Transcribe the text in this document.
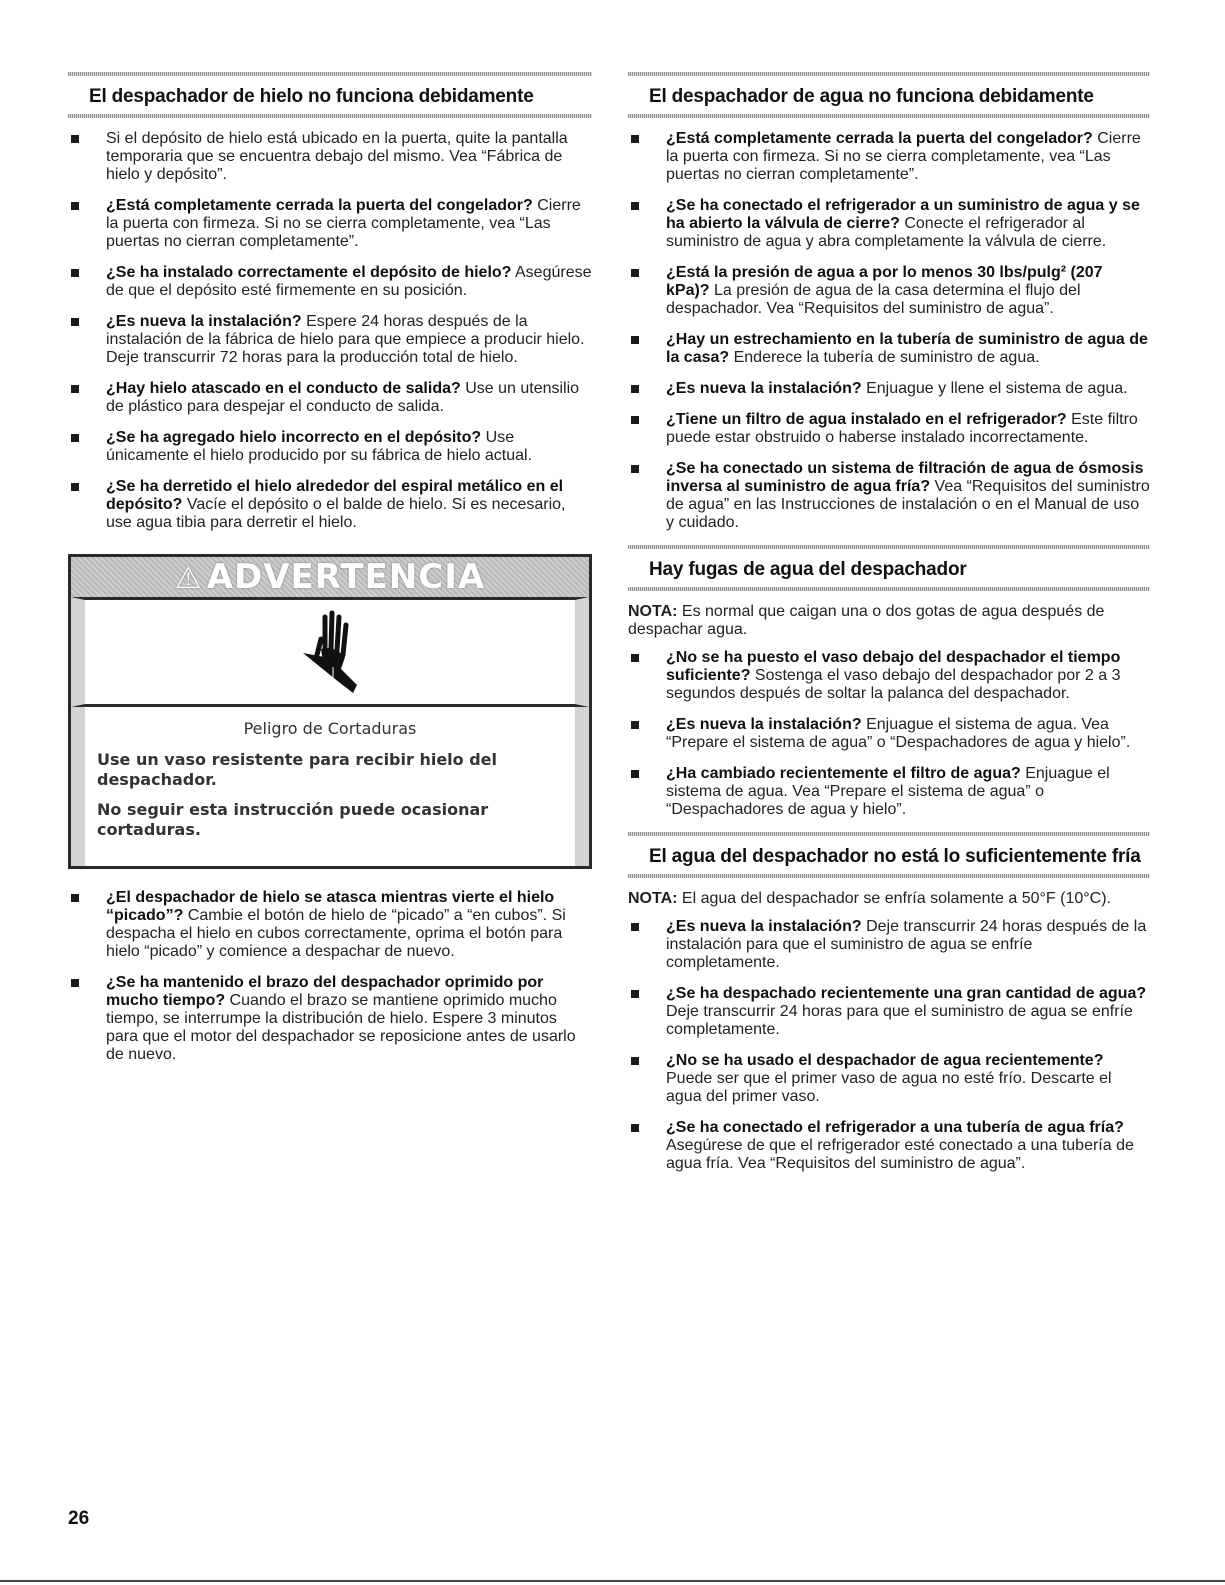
El despachador de hielo no funciona debidamente
Si el depósito de hielo está ubicado en la puerta, quite la pantalla temporaria que se encuentra debajo del mismo. Vea “Fábrica de hielo y depósito”.
¿Está completamente cerrada la puerta del congelador? Cierre la puerta con firmeza. Si no se cierra completamente, vea “Las puertas no cierran completamente”.
¿Se ha instalado correctamente el depósito de hielo? Asegúrese de que el depósito esté firmemente en su posición.
¿Es nueva la instalación? Espere 24 horas después de la instalación de la fábrica de hielo para que empiece a producir hielo. Deje transcurrir 72 horas para la producción total de hielo.
¿Hay hielo atascado en el conducto de salida? Use un utensilio de plástico para despejar el conducto de salida.
¿Se ha agregado hielo incorrecto en el depósito? Use únicamente el hielo producido por su fábrica de hielo actual.
¿Se ha derretido el hielo alrededor del espiral metálico en el depósito? Vacíe el depósito o el balde de hielo. Si es necesario, use agua tibia para derretir el hielo.
⚠ ADVERTENCIA

Peligro de Cortaduras

Use un vaso resistente para recibir hielo del despachador.

No seguir esta instrucción puede ocasionar cortaduras.

¿El despachador de hielo se atasca mientras vierte el hielo “picado”? Cambie el botón de hielo de “picado” a “en cubos”. Si despacha el hielo en cubos correctamente, oprima el botón para hielo “picado” y comience a despachar de nuevo.
¿Se ha mantenido el brazo del despachador oprimido por mucho tiempo? Cuando el brazo se mantiene oprimido mucho tiempo, se interrumpe la distribución de hielo. Espere 3 minutos para que el motor del despachador se reposicione antes de usarlo de nuevo.
El despachador de agua no funciona debidamente
¿Está completamente cerrada la puerta del congelador? Cierre la puerta con firmeza. Si no se cierra completamente, vea “Las puertas no cierran completamente”.
¿Se ha conectado el refrigerador a un suministro de agua y se ha abierto la válvula de cierre? Conecte el refrigerador al suministro de agua y abra completamente la válvula de cierre.
¿Está la presión de agua a por lo menos 30 lbs/pulg² (207 kPa)? La presión de agua de la casa determina el flujo del despachador. Vea “Requisitos del suministro de agua”.
¿Hay un estrechamiento en la tubería de suministro de agua de la casa? Enderece la tubería de suministro de agua.
¿Es nueva la instalación? Enjuague y llene el sistema de agua.
¿Tiene un filtro de agua instalado en el refrigerador? Este filtro puede estar obstruido o haberse instalado incorrectamente.
¿Se ha conectado un sistema de filtración de agua de ósmosis inversa al suministro de agua fría? Vea “Requisitos del suministro de agua” en las Instrucciones de instalación o en el Manual de uso y cuidado.
Hay fugas de agua del despachador

NOTA: Es normal que caigan una o dos gotas de agua después de despachar agua.

¿No se ha puesto el vaso debajo del despachador el tiempo suficiente? Sostenga el vaso debajo del despachador por 2 a 3 segundos después de soltar la palanca del despachador.
¿Es nueva la instalación? Enjuague el sistema de agua. Vea “Prepare el sistema de agua” o “Despachadores de agua y hielo”.
¿Ha cambiado recientemente el filtro de agua? Enjuague el sistema de agua. Vea “Prepare el sistema de agua” o “Despachadores de agua y hielo”.
El agua del despachador no está lo suficientemente fría

NOTA: El agua del despachador se enfría solamente a 50°F (10°C).

¿Es nueva la instalación? Deje transcurrir 24 horas después de la instalación para que el suministro de agua se enfríe completamente.
¿Se ha despachado recientemente una gran cantidad de agua? Deje transcurrir 24 horas para que el suministro de agua se enfríe completamente.
¿No se ha usado el despachador de agua recientemente? Puede ser que el primer vaso de agua no esté frío. Descarte el agua del primer vaso.
¿Se ha conectado el refrigerador a una tubería de agua fría? Asegúrese de que el refrigerador esté conectado a una tubería de agua fría. Vea “Requisitos del suministro de agua”.
26
